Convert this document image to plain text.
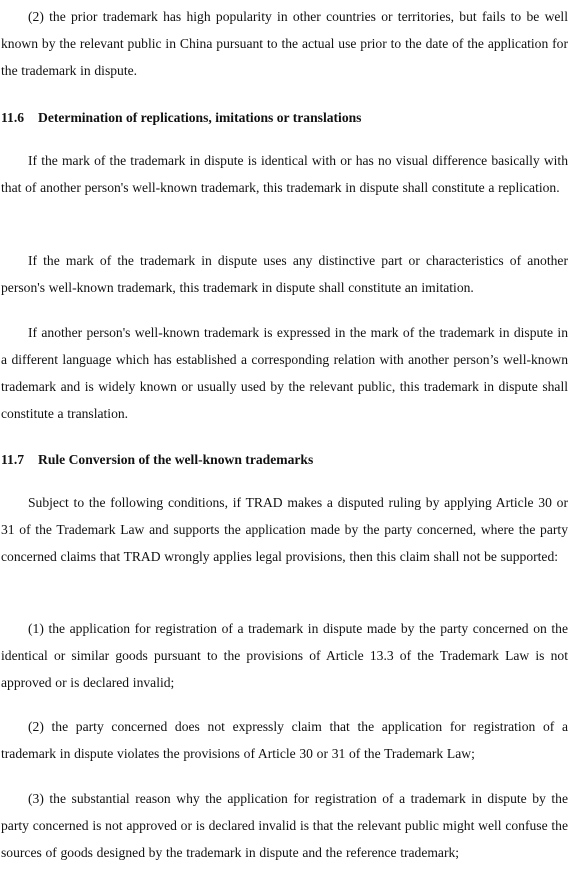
(2) the prior trademark has high popularity in other countries or territories, but fails to be well known by the relevant public in China pursuant to the actual use prior to the date of the application for the trademark in dispute.

11.6 Determination of replications, imitations or translations

If the mark of the trademark in dispute is identical with or has no visual difference basically with that of another person's well-known trademark, this trademark in dispute shall constitute a replication.

If the mark of the trademark in dispute uses any distinctive part or characteristics of another person's well-known trademark, this trademark in dispute shall constitute an imitation.

If another person's well-known trademark is expressed in the mark of the trademark in dispute in a different language which has established a corresponding relation with another person’s well-known trademark and is widely known or usually used by the relevant public, this trademark in dispute shall constitute a translation.

11.7 Rule Conversion of the well-known trademarks

Subject to the following conditions, if TRAD makes a disputed ruling by applying Article 30 or 31 of the Trademark Law and supports the application made by the party concerned, where the party concerned claims that TRAD wrongly applies legal provisions, then this claim shall not be supported:

(1) the application for registration of a trademark in dispute made by the party concerned on the identical or similar goods pursuant to the provisions of Article 13.3 of the Trademark Law is not approved or is declared invalid;

(2) the party concerned does not expressly claim that the application for registration of a trademark in dispute violates the provisions of Article 30 or 31 of the Trademark Law;

(3) the substantial reason why the application for registration of a trademark in dispute by the party concerned is not approved or is declared invalid is that the relevant public might well confuse the sources of goods designed by the trademark in dispute and the reference trademark;
